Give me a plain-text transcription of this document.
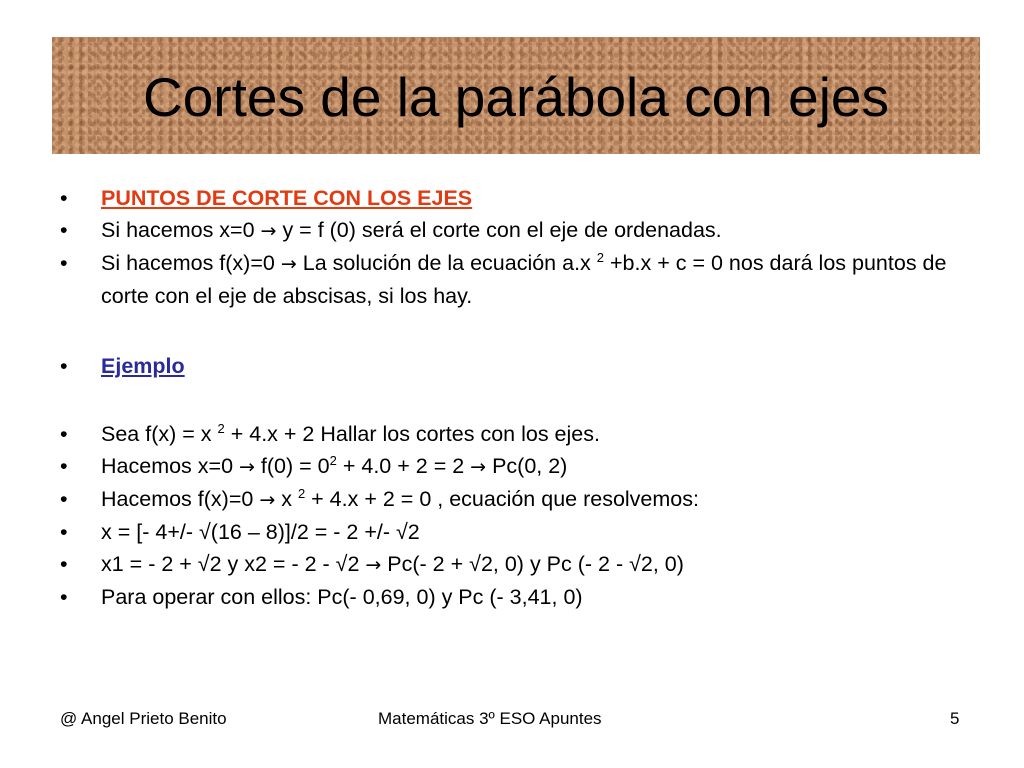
Cortes de la parábola con ejes
• PUNTOS DE CORTE CON LOS EJES
• Si hacemos x=0 → y = f (0) será el corte con el eje de ordenadas.
• Si hacemos f(x)=0 → La solución de la ecuación a.x $^2$ +b.x + c = 0 nos dará los puntos de corte con el eje de abscisas, si los hay.
• Ejemplo
• Sea f(x) = x $^2$ + 4.x + 2 Hallar los cortes con los ejes.
• Hacemos $x=0 \to f(0) = 0^2 + 4.0 + 2 = 2 \to Pc(0$, 2)
• Hacemos f(x)=0 → x $^2$ + 4.x + 2 = 0 , ecuación que resolvemos:
• x = [- 4+/- √(16 – 8)]/2 = - 2 +/- √2
• x1 = - 2 + √2 y x2 = - 2 - √2 → Pc(- 2 + √2, 0) y Pc (- 2 - √2, 0)
• Para operar con ellos: Pc(- 0,69, 0) y Pc (- 3,41, 0)
@ Angel Prieto Benito	Matemáticas 3º ESO Apuntes	5
